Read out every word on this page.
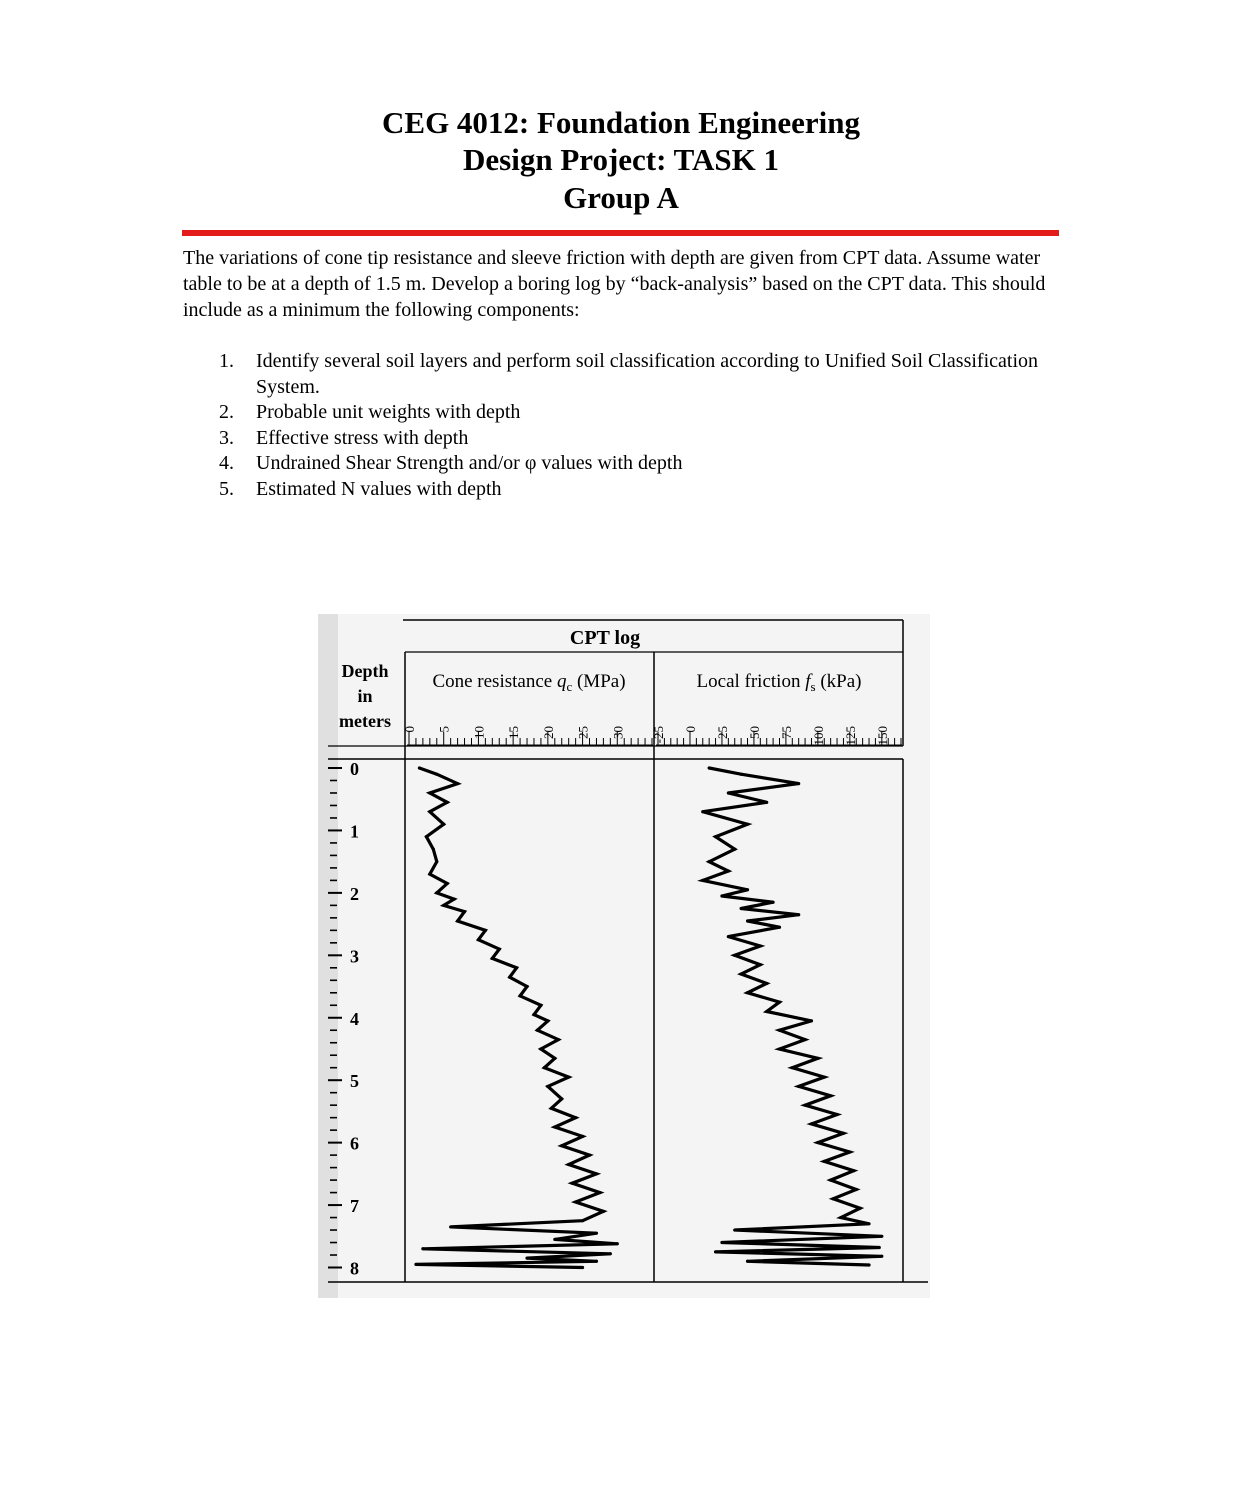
CEG 4012: Foundation Engineering
Design Project: TASK 1
Group A
The variations of cone tip resistance and sleeve friction with depth are given from CPT data. Assume water table to be at a depth of 1.5 m. Develop a boring log by “back-analysis” based on the CPT data. This should include as a minimum the following components:
1.	Identify several soil layers and perform soil classification according to Unified Soil Classification System.
2.	Probable unit weights with depth
3.	Effective stress with depth
4.	Undrained Shear Strength and/or φ values with depth
5.	Estimated N values with depth
CPT log
Depth
in
meters
Cone resistance $q_c$ (MPa)	Local friction $f_s$ (kPa)
0
1
2
3
4
5
6
7
8
0 5 10 15 20 25 30 -25 0 25 50 75 100 125 150
